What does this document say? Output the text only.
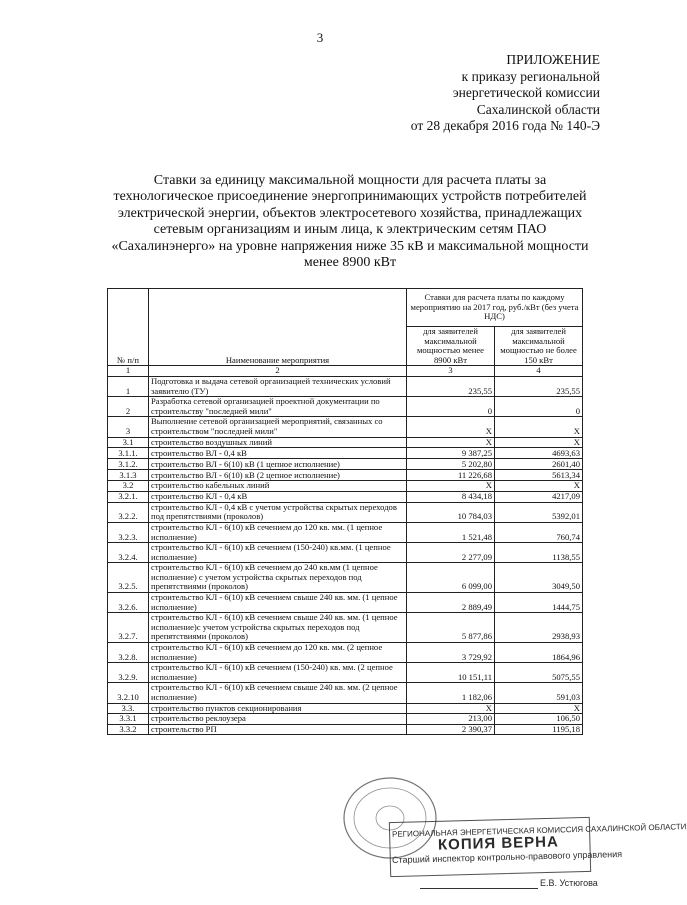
3
ПРИЛОЖЕНИЕ
к приказу региональной
энергетической комиссии
Сахалинской области
от 28 декабря 2016 года № 140-Э
Ставки за единицу максимальной мощности для расчета платы за
технологическое присоединение энергопринимающих устройств потребителей
электрической энергии, объектов электросетевого хозяйства, принадлежащих
сетевым организациям и иным лица, к электрическим сетям ПАО
«Сахалинэнерго» на уровне напряжения ниже 35 кВ и максимальной мощности
менее 8900 кВт
№ п/п	Наименование мероприятия	Ставки для расчета платы по каждому мероприятию на 2017 год, руб./кВт (без учета НДС)	
		для заявителей максимальной мощностью менее 8900 кВт	для заявителей максимальной мощностью не более 150 кВт
1	2	3	4
1	Подготовка и выдача сетевой организацией технических условий заявителю (ТУ)	235,55	235,55
2	Разработка сетевой организацией проектной документации по строительству "последней мили"	0	0
3	Выполнение сетевой организацией мероприятий, связанных со строительством "последней мили"	X	X
3.1	строительство воздушных линий	X	X
3.1.1.	строительство ВЛ - 0,4 кВ	9 387,25	4693,63
3.1.2.	строительство ВЛ - 6(10) кВ (1 цепное исполнение)	5 202,80	2601,40
3.1.3	строительство ВЛ - 6(10) кВ (2 цепное исполнение)	11 226,68	5613,34
3.2	строительство кабельных линий	X	X
3.2.1.	строительство КЛ - 0,4 кВ	8 434,18	4217,09
3.2.2.	строительство КЛ - 0,4 кВ с учетом устройства скрытых переходов под препятствиями (проколов)	10 784,03	5392,01
3.2.3.	строительство КЛ - 6(10) кВ сечением до 120 кв. мм. (1 цепное исполнение)	1 521,48	760,74
3.2.4.	строительство КЛ - 6(10) кВ сечением (150-240) кв.мм. (1 цепное исполнение)	2 277,09	1138,55
3.2.5.	строительство КЛ - 6(10) кВ сечением до 240 кв.мм (1 цепное исполнение) с учетом устройства скрытых переходов под препятствиями (проколов)	6 099,00	3049,50
3.2.6.	строительство КЛ - 6(10) кВ сечением свыше 240 кв. мм. (1 цепное исполнение)	2 889,49	1444,75
3.2.7.	строительство КЛ - 6(10) кВ сечением свыше 240 кв. мм. (1 цепное исполнение)с учетом устройства скрытых переходов под препятствиями (проколов)	5 877,86	2938,93
3.2.8.	строительство КЛ - 6(10) кВ сечением до 120 кв. мм. (2 цепное исполнение)	3 729,92	1864,96
3.2.9.	строительство КЛ - 6(10) кВ сечением (150-240) кв. мм. (2 цепное исполнение)	10 151,11	5075,55
3.2.10	строительство КЛ - 6(10) кВ сечением свыше 240 кв. мм. (2 цепное исполнение)	1 182,06	591,03
3.3.	строительство пунктов секционирования	X	X
3.3.1	строительство реклоузера	213,00	106,50
3.3.2	строительство РП	2 390,37	1195,18
РЕГИОНАЛЬНАЯ ЭНЕРГЕТИЧЕСКАЯ КОМИССИЯ САХАЛИНСКОЙ ОБЛАСТИ
КОПИЯ ВЕРНА
Старший инспектор контрольно-правового управления
Е.В. Устюгова
